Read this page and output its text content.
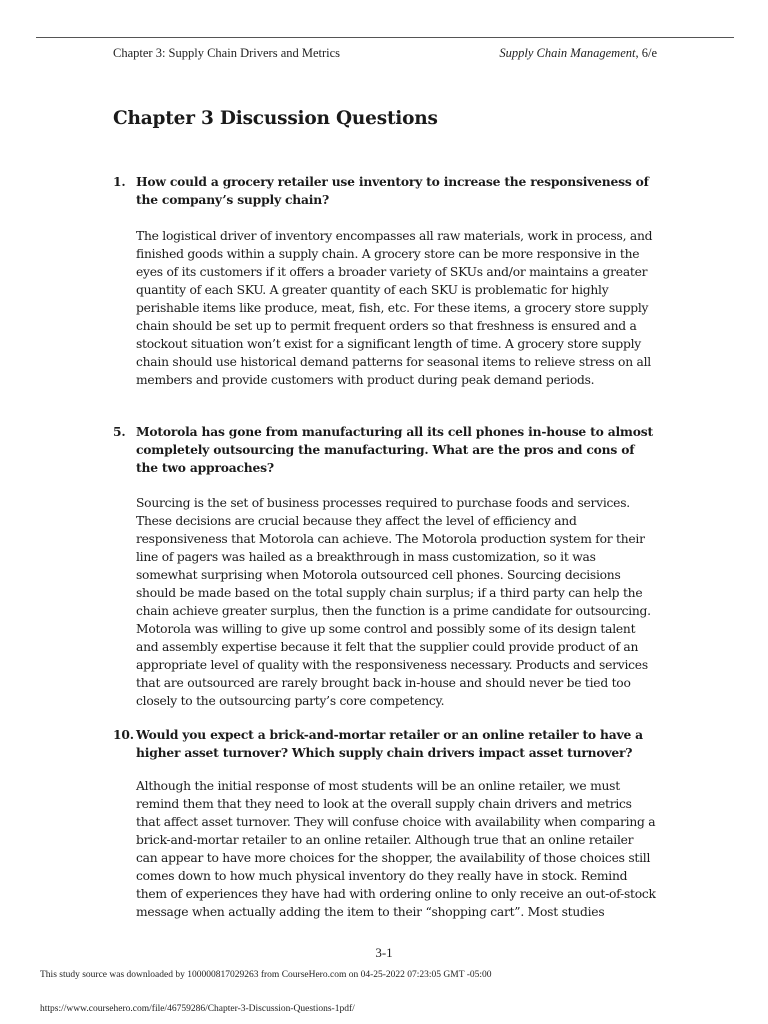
Chapter 3: Supply Chain Drivers and Metrics	Supply Chain Management, 6/e
Chapter 3 Discussion Questions
1. How could a grocery retailer use inventory to increase the responsiveness of the company’s supply chain?
The logistical driver of inventory encompasses all raw materials, work in process, and finished goods within a supply chain. A grocery store can be more responsive in the eyes of its customers if it offers a broader variety of SKUs and/or maintains a greater quantity of each SKU. A greater quantity of each SKU is problematic for highly perishable items like produce, meat, fish, etc. For these items, a grocery store supply chain should be set up to permit frequent orders so that freshness is ensured and a stockout situation won’t exist for a significant length of time. A grocery store supply chain should use historical demand patterns for seasonal items to relieve stress on all members and provide customers with product during peak demand periods.
5. Motorola has gone from manufacturing all its cell phones in-house to almost completely outsourcing the manufacturing. What are the pros and cons of the two approaches?
Sourcing is the set of business processes required to purchase foods and services. These decisions are crucial because they affect the level of efficiency and responsiveness that Motorola can achieve. The Motorola production system for their line of pagers was hailed as a breakthrough in mass customization, so it was somewhat surprising when Motorola outsourced cell phones. Sourcing decisions should be made based on the total supply chain surplus; if a third party can help the chain achieve greater surplus, then the function is a prime candidate for outsourcing. Motorola was willing to give up some control and possibly some of its design talent and assembly expertise because it felt that the supplier could provide product of an appropriate level of quality with the responsiveness necessary. Products and services that are outsourced are rarely brought back in-house and should never be tied too closely to the outsourcing party’s core competency.
10. Would you expect a brick-and-mortar retailer or an online retailer to have a higher asset turnover? Which supply chain drivers impact asset turnover?
Although the initial response of most students will be an online retailer, we must remind them that they need to look at the overall supply chain drivers and metrics that affect asset turnover. They will confuse choice with availability when comparing a brick-and-mortar retailer to an online retailer. Although true that an online retailer can appear to have more choices for the shopper, the availability of those choices still comes down to how much physical inventory do they really have in stock. Remind them of experiences they have had with ordering online to only receive an out-of-stock message when actually adding the item to their “shopping cart”. Most studies
3-1
This study source was downloaded by 100000817029263 from CourseHero.com on 04-25-2022 07:23:05 GMT -05:00
https://www.coursehero.com/file/46759286/Chapter-3-Discussion-Questions-1pdf/
